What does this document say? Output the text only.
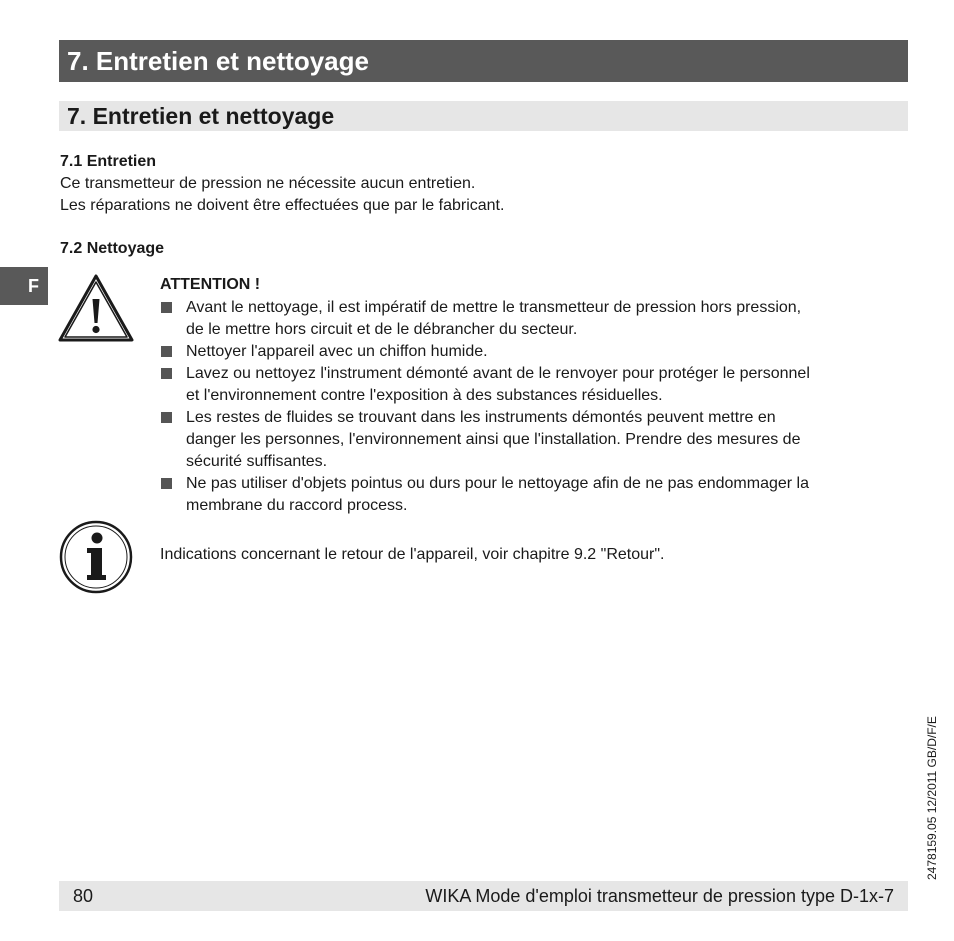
7. Entretien et nettoyage
7. Entretien et nettoyage
F
7.1 Entretien
Ce transmetteur de pression ne nécessite aucun entretien.
Les réparations ne doivent être effectuées que par le fabricant.
7.2 Nettoyage
ATTENTION !
Avant le nettoyage, il est impératif de mettre le transmetteur de pression hors pression,
de le mettre hors circuit et de le débrancher du secteur.
Nettoyer l'appareil avec un chiffon humide.
Lavez ou nettoyez l'instrument démonté avant de le renvoyer pour protéger le personnel
et l'environnement contre l'exposition à des substances résiduelles.
Les restes de fluides se trouvant dans les instruments démontés peuvent mettre en
danger les personnes, l'environnement ainsi que l'installation. Prendre des mesures de
sécurité suffisantes.
Ne pas utiliser d'objets pointus ou durs pour le nettoyage afin de ne pas endommager la
membrane du raccord process.
Indications concernant le retour de l'appareil, voir chapitre 9.2 "Retour".
2478159.05 12/2011 GB/D/F/E
80	WIKA Mode d'emploi transmetteur de pression type D-1x-7
